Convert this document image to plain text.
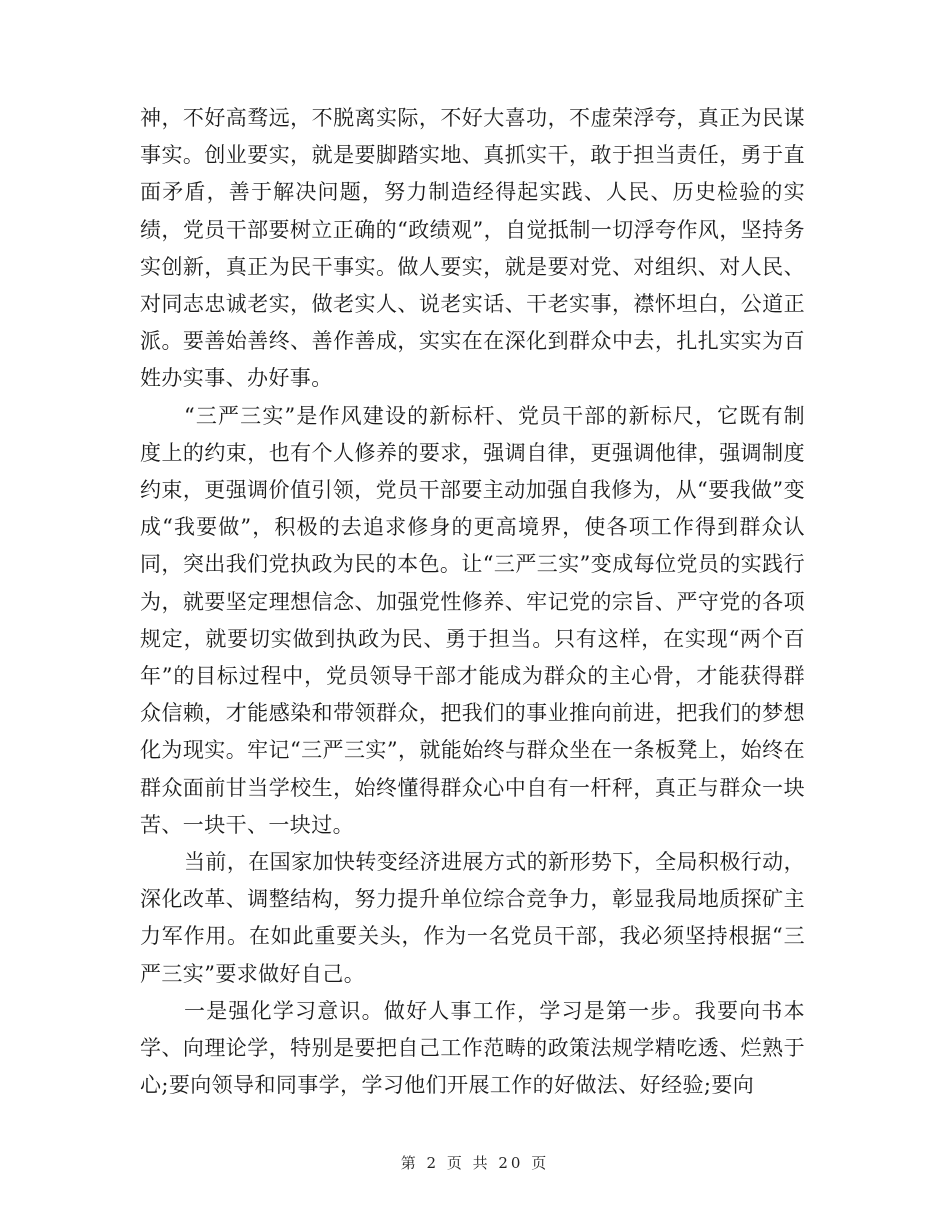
神，不好高骛远，不脱离实际，不好大喜功，不虚荣浮夸，真正为民谋事实。创业要实，就是要脚踏实地、真抓实干，敢于担当责任，勇于直面矛盾，善于解决问题，努力制造经得起实践、人民、历史检验的实绩，党员干部要树立正确的“政绩观”，自觉抵制一切浮夸作风，坚持务实创新，真正为民干事实。做人要实，就是要对党、对组织、对人民、对同志忠诚老实，做老实人、说老实话、干老实事，襟怀坦白，公道正派。要善始善终、善作善成，实实在在深化到群众中去，扎扎实实为百姓办实事、办好事。

“三严三实”是作风建设的新标杆、党员干部的新标尺，它既有制度上的约束，也有个人修养的要求，强调自律，更强调他律，强调制度约束，更强调价值引领，党员干部要主动加强自我修为，从“要我做”变成“我要做”，积极的去追求修身的更高境界，使各项工作得到群众认同，突出我们党执政为民的本色。让“三严三实”变成每位党员的实践行为，就要坚定理想信念、加强党性修养、牢记党的宗旨、严守党的各项规定，就要切实做到执政为民、勇于担当。只有这样，在实现“两个百年”的目标过程中，党员领导干部才能成为群众的主心骨，才能获得群众信赖，才能感染和带领群众，把我们的事业推向前进，把我们的梦想化为现实。牢记“三严三实”，就能始终与群众坐在一条板凳上，始终在群众面前甘当学校生，始终懂得群众心中自有一杆秤，真正与群众一块苦、一块干、一块过。

当前，在国家加快转变经济进展方式的新形势下，全局积极行动，深化改革、调整结构，努力提升单位综合竞争力，彰显我局地质探矿主力军作用。在如此重要关头，作为一名党员干部，我必须坚持根据“三严三实”要求做好自己。

一是强化学习意识。做好人事工作，学习是第一步。我要向书本学、向理论学，特别是要把自己工作范畴的政策法规学精吃透、烂熟于心;要向领导和同事学，学习他们开展工作的好做法、好经验;要向

第 2 页 共 20 页
